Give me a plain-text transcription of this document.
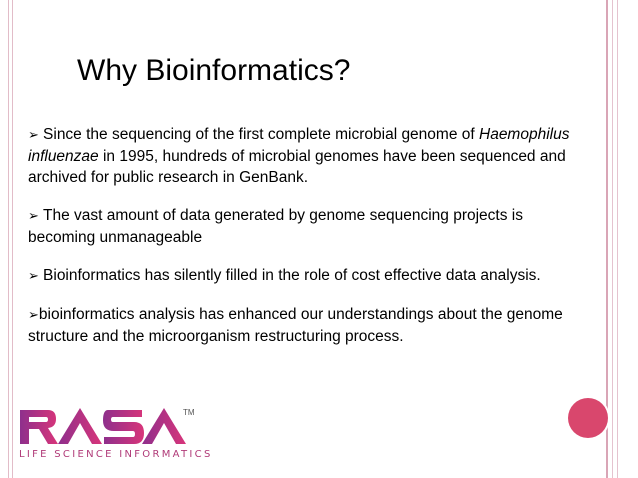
Why Bioinformatics?

➢ Since the sequencing of the first complete microbial genome of Haemophilus influenzae in 1995, hundreds of microbial genomes have been sequenced and archived for public research in GenBank.

➢ The vast amount of data generated by genome sequencing projects is becoming unmanageable

➢ Bioinformatics has silently filled in the role of cost effective data analysis.

➢bioinformatics analysis has enhanced our understandings about the genome structure and the microorganism restructuring process.

TM
LIFE SCIENCE INFORMATICS
